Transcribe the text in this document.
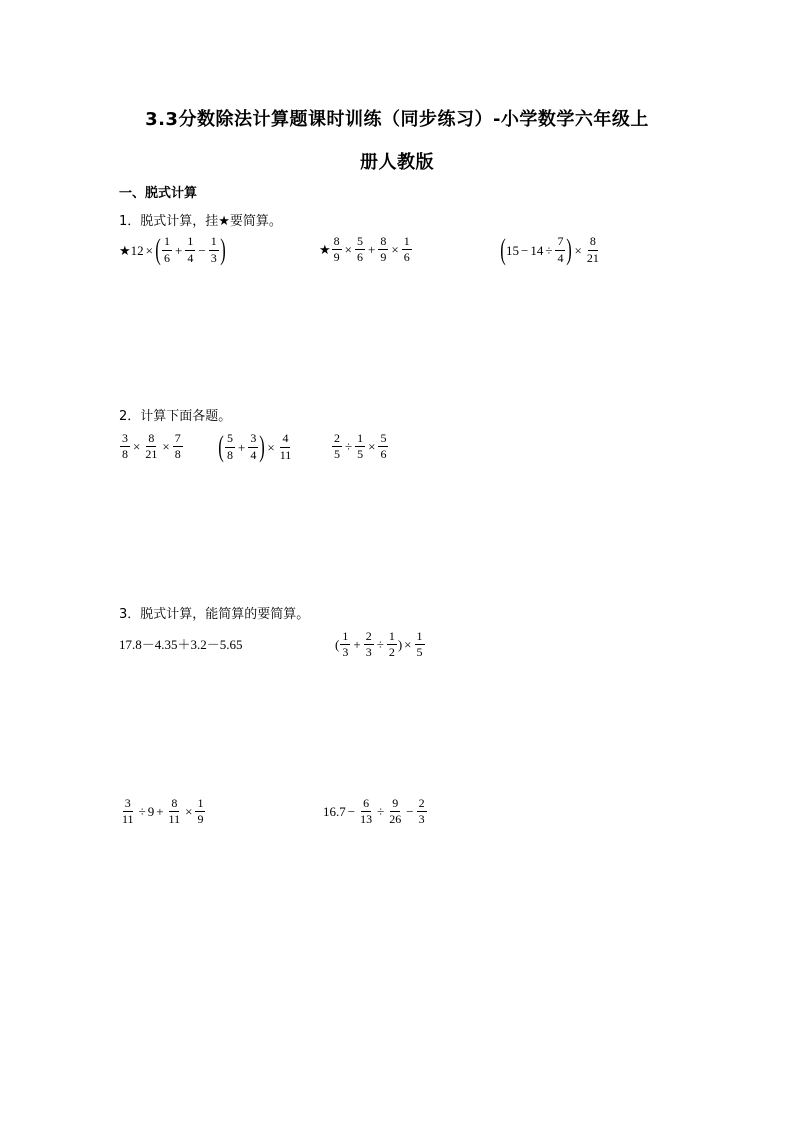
3.3分数除法计算题课时训练（同步练习）-小学数学六年级上
册人教版
一、脱式计算
1．脱式计算，挂★要简算。
★ 12 × ( $\frac{1}{6} + \frac{1}{4} - \frac{1}{3}$ )	★ $\frac{8}{9} \times \frac{5}{6} + \frac{8}{9} \times \frac{1}{6}$	( $15 - 14 \div \frac{7}{4}$ ) × $\frac{8}{21}$
2．计算下面各题。
$\frac{3}{8} \times \frac{8}{21} \times \frac{7}{8}$ ( $\frac{5}{8} + \frac{3}{4}$ ) × $\frac{4}{11}$	$\frac{2}{5} \div \frac{1}{5} \times \frac{5}{6}$
3．脱式计算，能简算的要简算。
17.8－4.35＋3.2－5.65	( $\frac{1}{3} + \frac{2}{3} \div \frac{1}{2}$ ) × $\frac{1}{5}$
$\frac{3}{11} \div 9 + \frac{8}{11} \times \frac{1}{9}$	$16.7 - \frac{6}{13} \div \frac{9}{26} - \frac{2}{3}$
